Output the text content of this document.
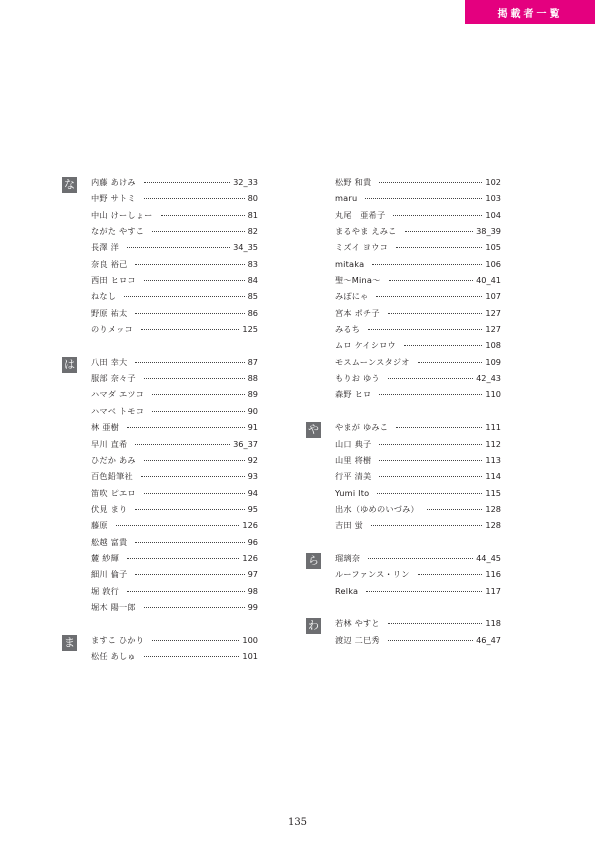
掲載者一覧
な 内藤 あけみ	32_33
中野 サトミ	80
中山 けーしょー	81
ながた やすこ	82
長澤 洋	34_35
奈良 裕己	83
西田 ヒロコ	84
ねなし	85
野原 祐太	86
のりメッコ	125
は 八田 幸大	87
服部 奈々子	88
ハマダ エツコ	89
ハマベ トモコ	90
林 亜樹	91
早川 直希	36_37
ひだか あみ	92
百色鉛筆社	93
笛吹 ピエロ	94
伏見 まり	95
藤原	126
舩越 富貴	96
麓 紗輝	126
細川 倫子	97
堀 敦行	98
堀木 陽一郎	99
ま ますこ ひかり	100
松任 あしゅ	101
松野 和貴	102
maru	103
丸尾　亜希子	104
まるやま えみこ	38_39
ミズイ ヨウコ	105
mitaka	106
聖〜Mina〜	40_41
みぽにゃ	107
宮本 ポチ子	127
みるち	127
ムロ ケイシロウ	108
モスムーンスタジオ	109
もりお ゆう	42_43
森野 ヒロ	110
や やまが ゆみこ	111
山口 典子	112
山里 将樹	113
行平 清美	114
Yumi Ito	115
出水（ゆめのいづみ）	128
吉田 蛍	128
ら 瑠璃奈	44_45
ルーファンス・リン	116
Relka	117
わ 若林 やすと	118
渡辺 二巳秀	46_47
135
